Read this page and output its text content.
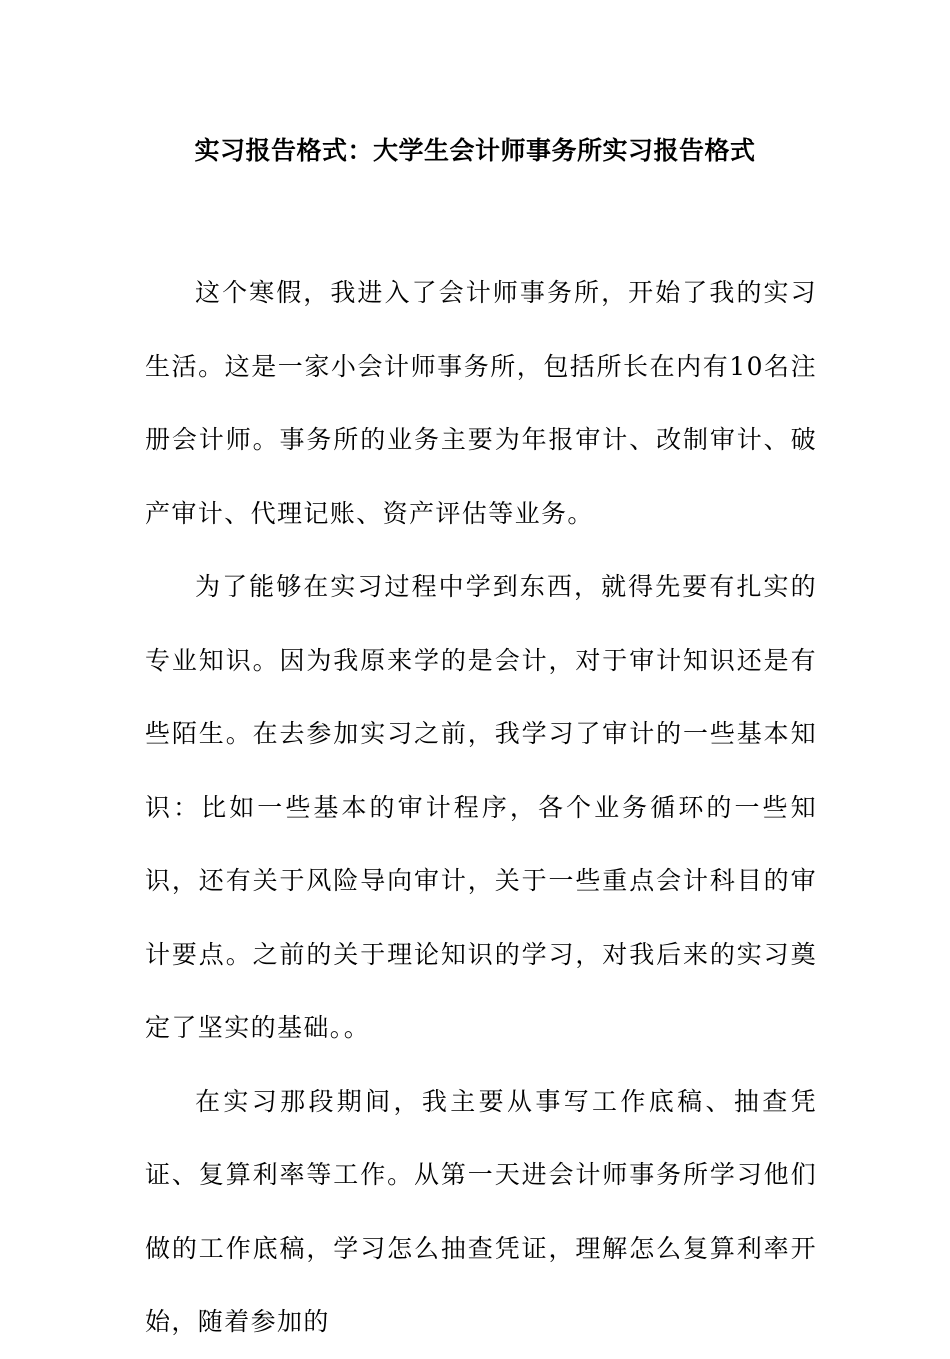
实习报告格式：大学生会计师事务所实习报告格式

这个寒假，我进入了会计师事务所，开始了我的实习生活。这是一家小会计师事务所，包括所长在内有10名注册会计师。事务所的业务主要为年报审计、改制审计、破产审计、代理记账、资产评估等业务。

为了能够在实习过程中学到东西，就得先要有扎实的专业知识。因为我原来学的是会计，对于审计知识还是有些陌生。在去参加实习之前，我学习了审计的一些基本知识：比如一些基本的审计程序，各个业务循环的一些知识，还有关于风险导向审计，关于一些重点会计科目的审计要点。之前的关于理论知识的学习，对我后来的实习奠定了坚实的基础。。

在实习那段期间，我主要从事写工作底稿、抽查凭证、复算利率等工作。从第一天进会计师事务所学习他们做的工作底稿，学习怎么抽查凭证，理解怎么复算利率开始，随着参加的
